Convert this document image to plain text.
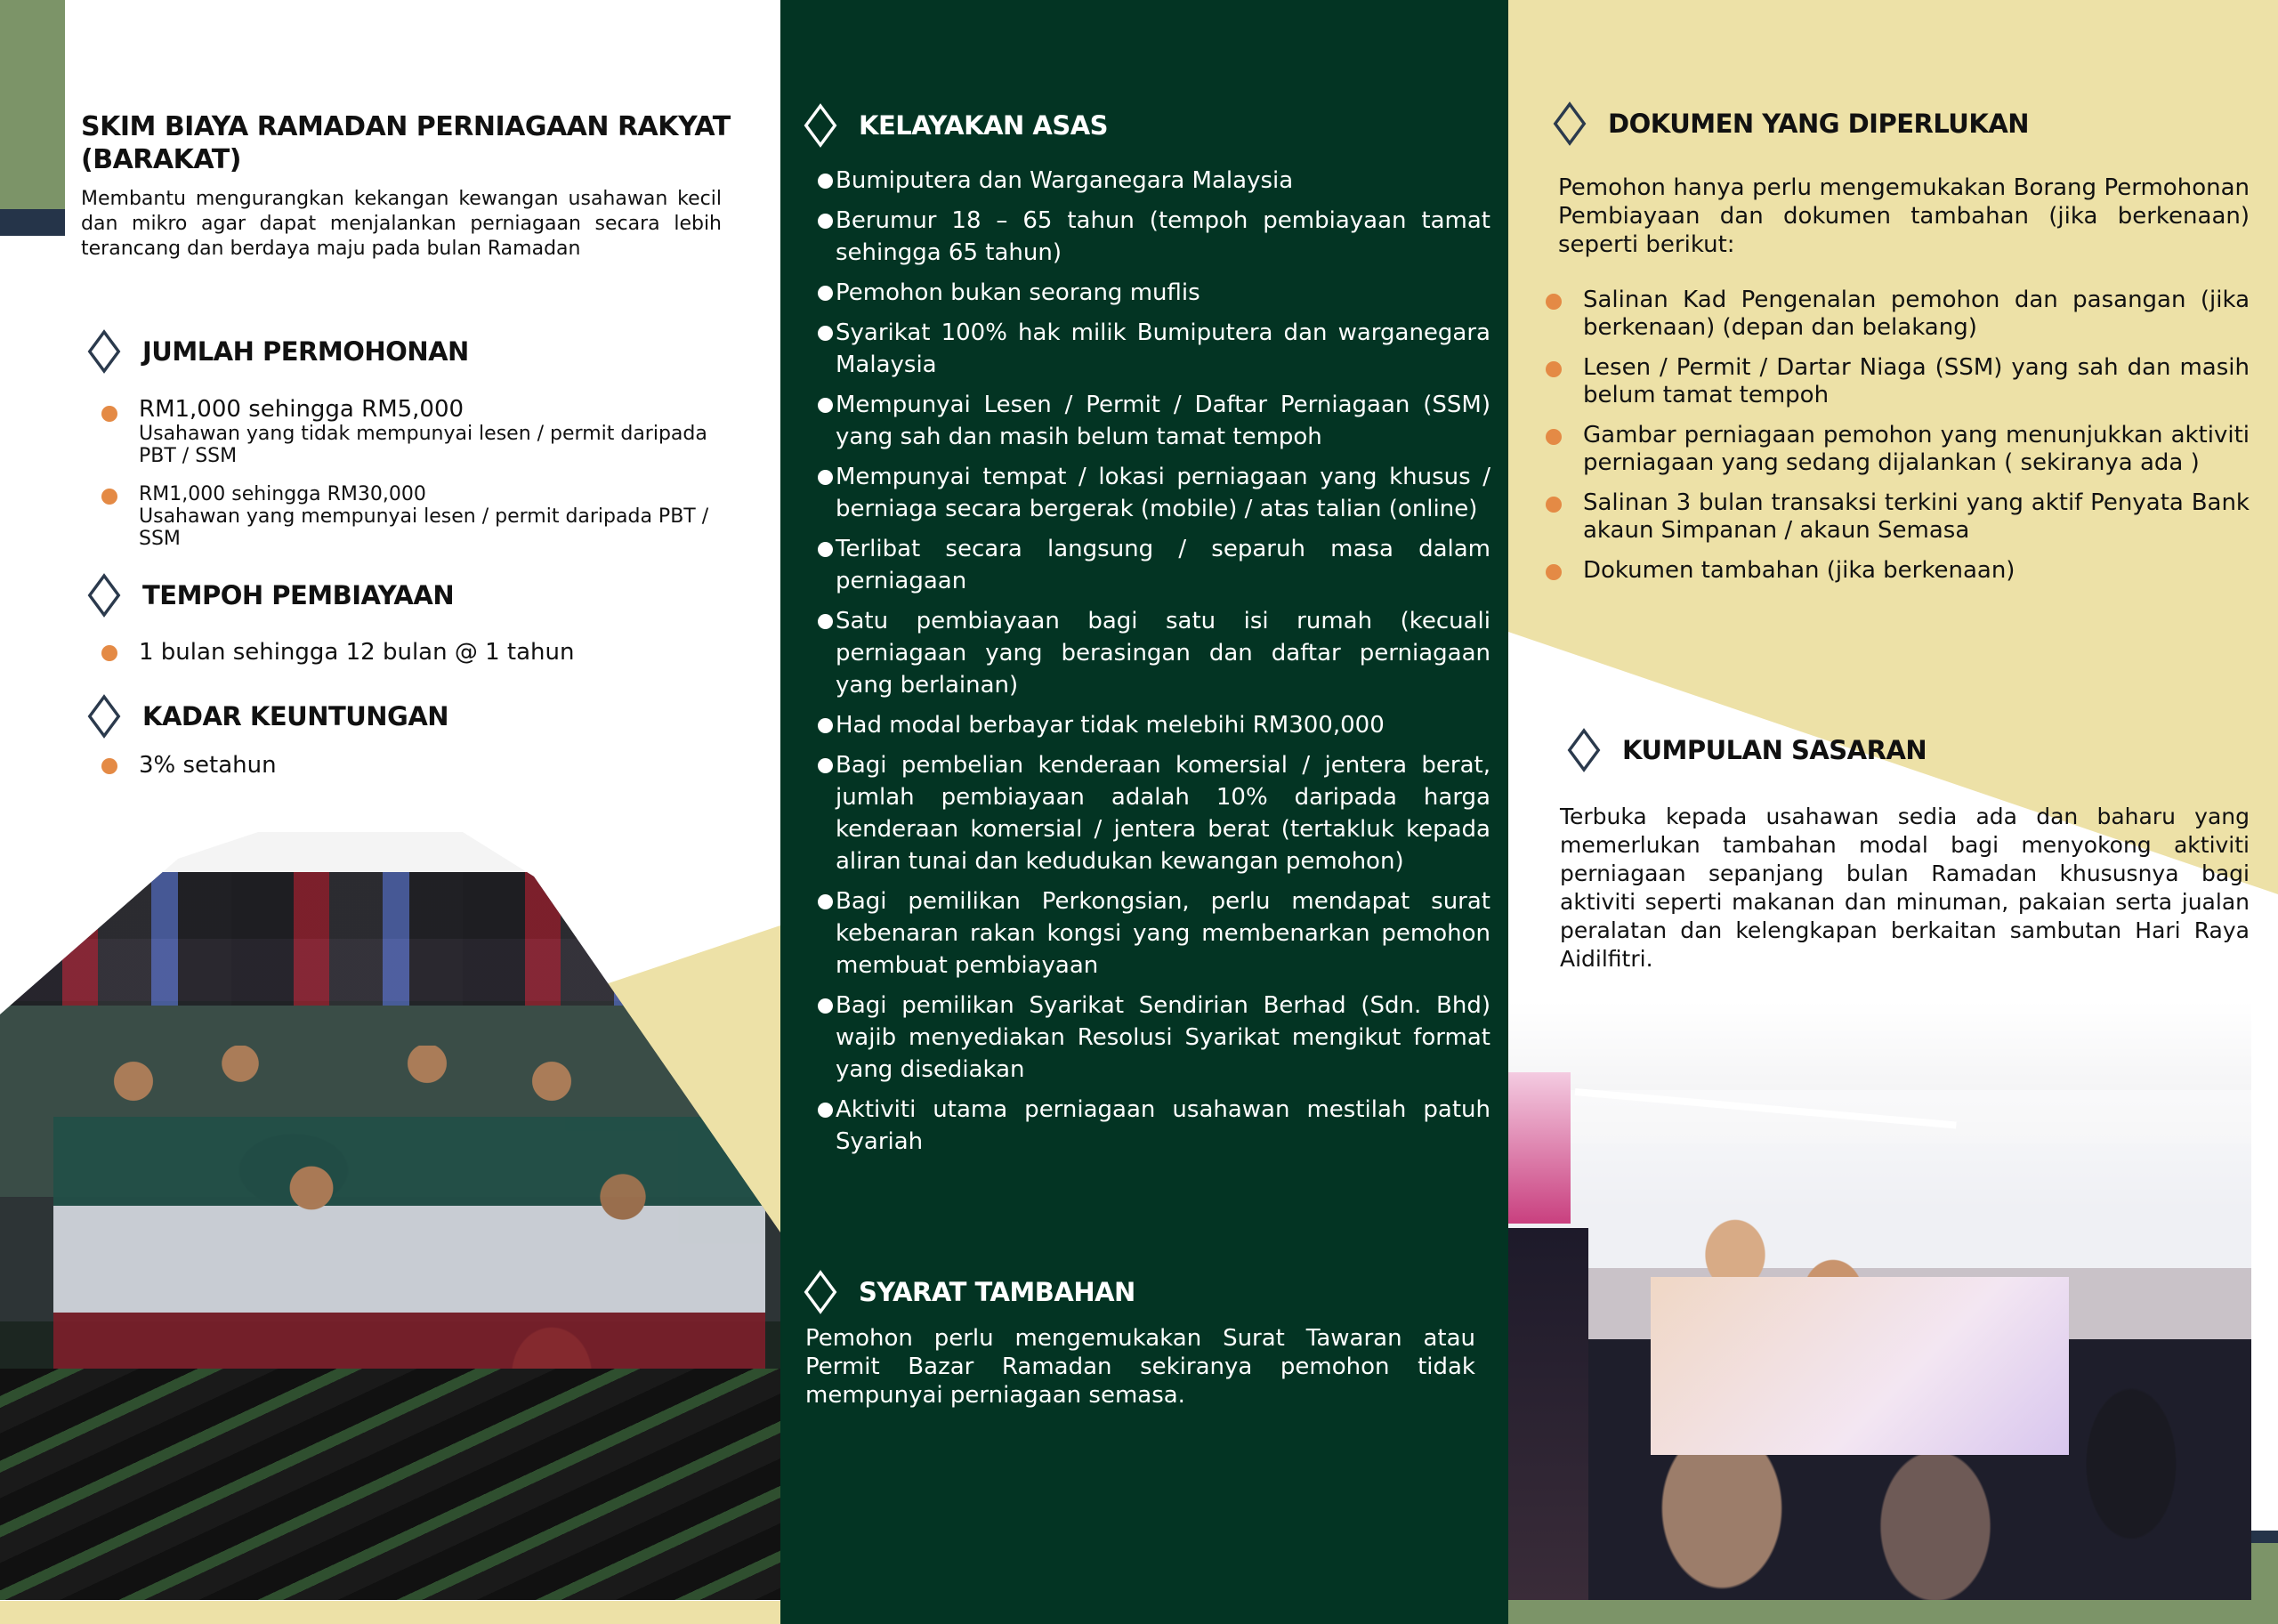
SKIM BIAYA RAMADAN PERNIAGAAN RAKYAT (BARAKAT)

Membantu mengurangkan kekangan kewangan usahawan kecil dan mikro agar dapat menjalankan perniagaan secara lebih terancang dan berdaya maju pada bulan Ramadan

JUMLAH PERMOHONAN
RM1,000 sehingga RM5,000
Usahawan yang tidak mempunyai lesen / permit daripada PBT / SSM
RM1,000 sehingga RM30,000
Usahawan yang mempunyai lesen / permit daripada PBT / SSM
TEMPOH PEMBIAYAAN
1 bulan sehingga 12 bulan @ 1 tahun
KADAR KEUNTUNGAN
3% setahun
KELAYAKAN ASAS
Bumiputera dan Warganegara Malaysia
Berumur 18 – 65 tahun (tempoh pembiayaan tamat sehingga 65 tahun)
Pemohon bukan seorang muflis
Syarikat 100% hak milik Bumiputera dan warganegara Malaysia
Mempunyai Lesen / Permit / Daftar Perniagaan (SSM) yang sah dan masih belum tamat tempoh
Mempunyai tempat / lokasi perniagaan yang khusus / berniaga secara bergerak (mobile) / atas talian (online)
Terlibat secara langsung / separuh masa dalam perniagaan
Satu pembiayaan bagi satu isi rumah (kecuali perniagaan yang berasingan dan daftar perniagaan yang berlainan)
Had modal berbayar tidak melebihi RM300,000
Bagi pembelian kenderaan komersial / jentera berat, jumlah pembiayaan adalah 10% daripada harga kenderaan komersial / jentera berat (tertakluk kepada aliran tunai dan kedudukan kewangan pemohon)
Bagi pemilikan Perkongsian, perlu mendapat surat kebenaran rakan kongsi yang membenarkan pemohon membuat pembiayaan
Bagi pemilikan Syarikat Sendirian Berhad (Sdn. Bhd) wajib menyediakan Resolusi Syarikat mengikut format yang disediakan
Aktiviti utama perniagaan usahawan mestilah patuh Syariah
SYARAT TAMBAHAN

Pemohon perlu mengemukakan Surat Tawaran atau Permit Bazar Ramadan sekiranya pemohon tidak mempunyai perniagaan semasa.

DOKUMEN YANG DIPERLUKAN

Pemohon hanya perlu mengemukakan Borang Permohonan Pembiayaan dan dokumen tambahan (jika berkenaan) seperti berikut:

Salinan Kad Pengenalan pemohon dan pasangan (jika berkenaan) (depan dan belakang)
Lesen / Permit / Dartar Niaga (SSM) yang sah dan masih belum tamat tempoh
Gambar perniagaan pemohon yang menunjukkan aktiviti perniagaan yang sedang dijalankan ( sekiranya ada )
Salinan 3 bulan transaksi terkini yang aktif Penyata Bank akaun Simpanan / akaun Semasa
Dokumen tambahan (jika berkenaan)
KUMPULAN SASARAN

Terbuka kepada usahawan sedia ada dan baharu yang memerlukan tambahan modal bagi menyokong aktiviti perniagaan sepanjang bulan Ramadan khususnya bagi aktiviti seperti makanan dan minuman, pakaian serta jualan peralatan dan kelengkapan berkaitan sambutan Hari Raya Aidilfitri.
